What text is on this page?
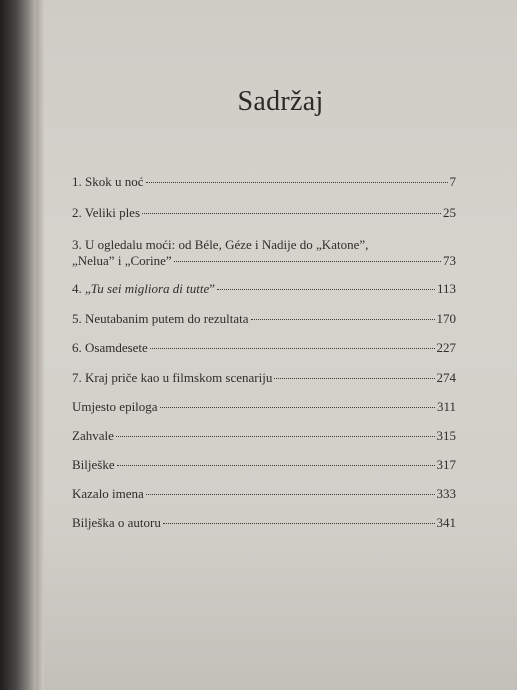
Sadržaj
1. Skok u noć	7
2. Veliki ples	25
3. U ogledalu moći: od Béle, Géze i Nadije do „Katone”,
„Nelua” i „Corine”	73
4. „Tu sei migliora di tutte”	113
5. Neutabanim putem do rezultata	170
6. Osamdesete	227
7. Kraj priče kao u filmskom scenariju	274
Umjesto epiloga	311
Zahvale	315
Bilješke	317
Kazalo imena	333
Bilješka o autoru	341
